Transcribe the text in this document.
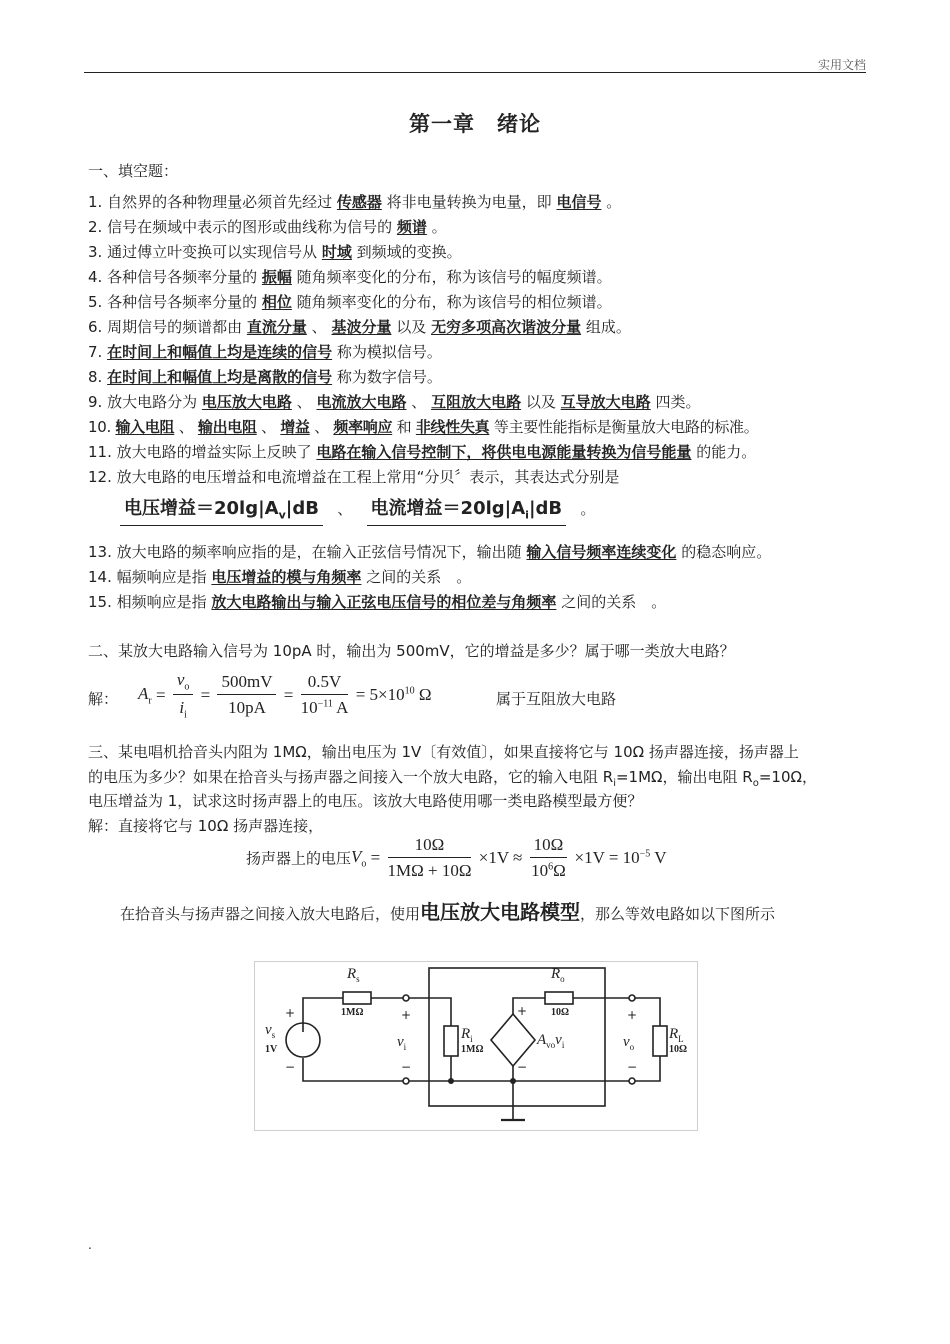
实用文档
第一章　绪论
一、填空题：
1. 自然界的各种物理量必须首先经过 传感器 将非电量转换为电量，即 电信号 。
2. 信号在频域中表示的图形或曲线称为信号的 频谱 。
3. 通过傅立叶变换可以实现信号从 时域 到频域的变换。
4. 各种信号各频率分量的 振幅 随角频率变化的分布，称为该信号的幅度频谱。
5. 各种信号各频率分量的 相位 随角频率变化的分布，称为该信号的相位频谱。
6. 周期信号的频谱都由 直流分量 、 基波分量 以及 无穷多项高次谐波分量 组成。
7. 在时间上和幅值上均是连续的信号 称为模拟信号。
8. 在时间上和幅值上均是离散的信号 称为数字信号。
9. 放大电路分为 电压放大电路 、 电流放大电路 、 互阻放大电路 以及 互导放大电路 四类。
10. 输入电阻 、 输出电阻 、 增益 、 频率响应 和 非线性失真 等主要性能指标是衡量放大电路的标准。
11. 放大电路的增益实际上反映了 电路在输入信号控制下，将供电电源能量转换为信号能量 的能力。
12. 放大电路的电压增益和电流增益在工程上常用“分贝〞表示，其表达式分别是
电压增益$=20\lg|A_v|dB$ 、 电流增益$=20\lg|A_i|dB$ 。
13. 放大电路的频率响应指的是，在输入正弦信号情况下，输出随 输入信号频率连续变化 的稳态响应。
14. 幅频响应是指 电压增益的模与角频率 之间的关系　。
15. 相频响应是指 放大电路输出与输入正弦电压信号的相位差与角频率 之间的关系　。
二、某放大电路输入信号为 10pA 时，输出为 500mV，它的增益是多少？属于哪一类放大电路？
解： $A_r = \frac{v_o}{i_i} = \frac{500mV}{10pA} = \frac{0.5V}{10^{-11} A} = 5\times 10^{10}$ Ω	属于互阻放大电路
三、某电唱机拾音头内阻为 1MΩ，输出电压为 1V〔有效值〕，如果直接将它与 10Ω 扬声器连接，扬声器上
的电压为多少？如果在拾音头与扬声器之间接入一个放大电路，它的输入电阻 $R_i=1M\Omega$，输出电阻 $R_o=10\Omega$，
电压增益为 1，试求这时扬声器上的电压。该放大电路使用哪一类电路模型最方便？
解：直接将它与 10Ω 扬声器连接，
扬声器上的电压$V_o = \frac{10\Omega}{1M\Omega + 10\Omega} \times 1V \approx \frac{10\Omega}{10^6\Omega} \times 1V = 10^{-5}$ V
在拾音头与扬声器之间接入放大电路后，使用电压放大电路模型，那么等效电路如以下图所示
$R_s$
1MΩ
$v_s$
1V
+
−
+
−
$v_i$
$R_i$
1MΩ
+
−
$A_{vo}v_i$
$R_o$
10Ω	+
−
$v_o$
$R_L$
10Ω
.
